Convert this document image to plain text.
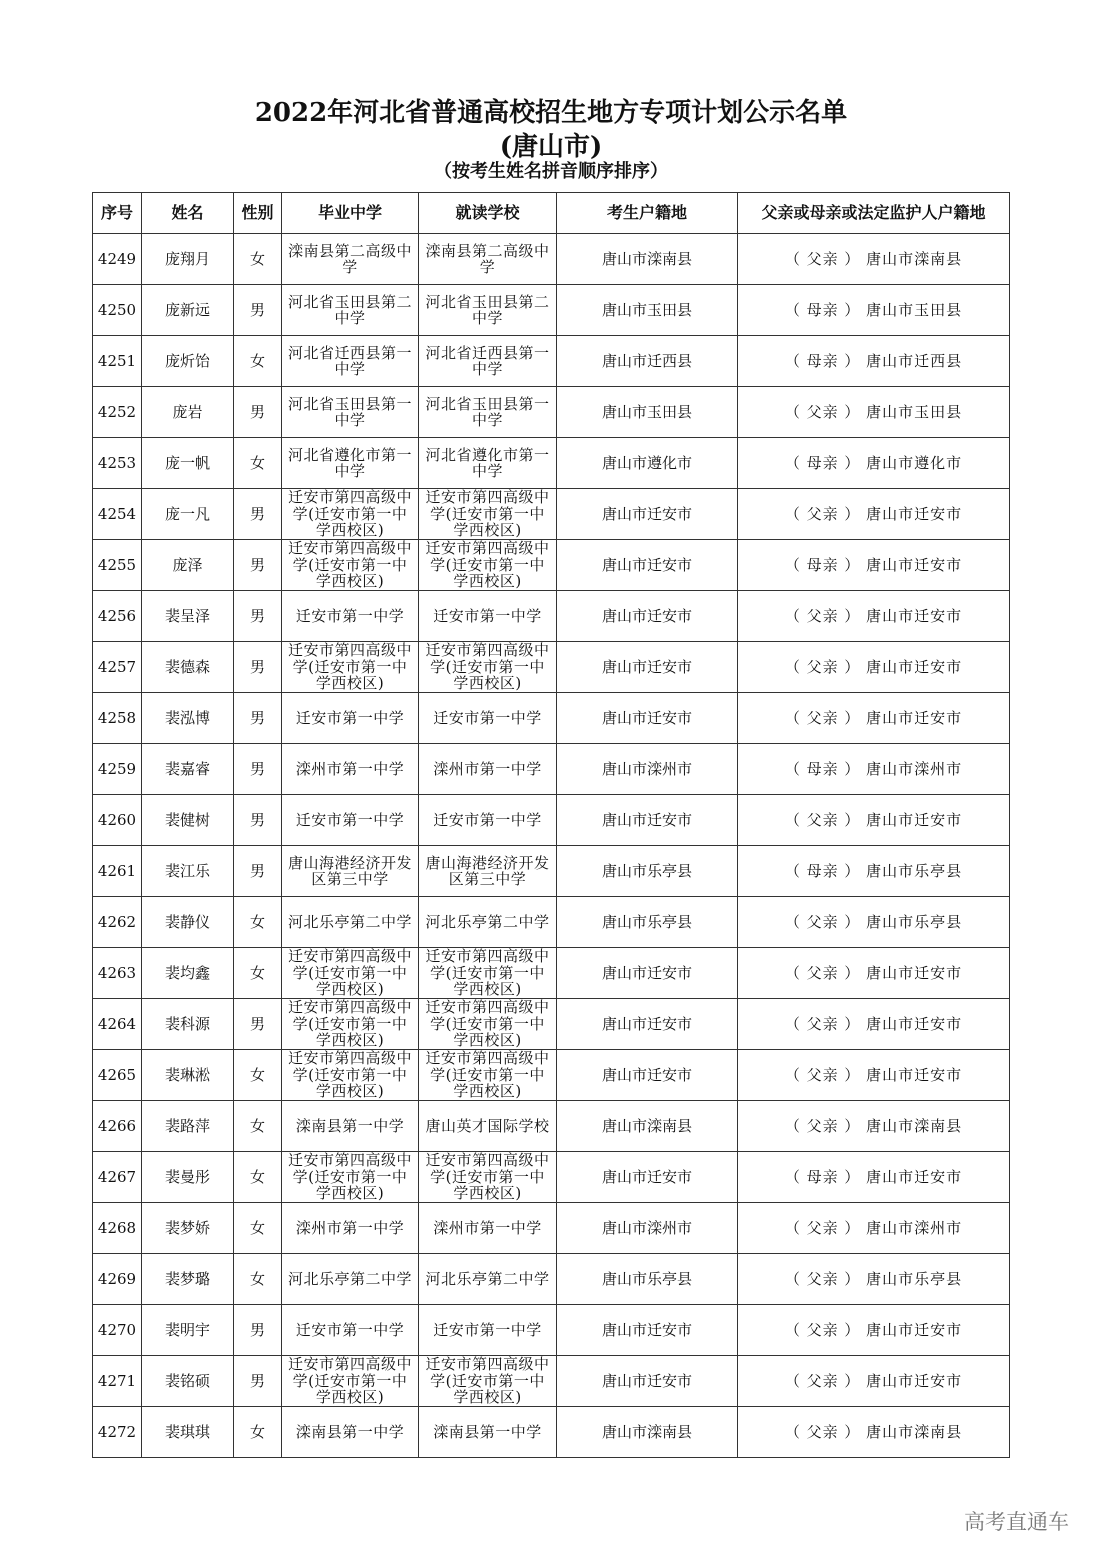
2022年河北省普通高校招生地方专项计划公示名单
(唐山市)
（按考生姓名拼音顺序排序）
序号	姓名	性别	毕业中学	就读学校	考生户籍地	父亲或母亲或法定监护人户籍地
4249	庞翔月	女	滦南县第二高级中学	滦南县第二高级中学	唐山市滦南县	（ 父亲 ） 唐山市滦南县
4250	庞新远	男	河北省玉田县第二中学	河北省玉田县第二中学	唐山市玉田县	（ 母亲 ） 唐山市玉田县
4251	庞炘饴	女	河北省迁西县第一中学	河北省迁西县第一中学	唐山市迁西县	（ 母亲 ） 唐山市迁西县
4252	庞岩	男	河北省玉田县第一中学	河北省玉田县第一中学	唐山市玉田县	（ 父亲 ） 唐山市玉田县
4253	庞一帆	女	河北省遵化市第一中学	河北省遵化市第一中学	唐山市遵化市	（ 母亲 ） 唐山市遵化市
4254	庞一凡	男	迁安市第四高级中学(迁安市第一中学西校区)	迁安市第四高级中学(迁安市第一中学西校区)	唐山市迁安市	（ 父亲 ） 唐山市迁安市
4255	庞泽	男	迁安市第四高级中学(迁安市第一中学西校区)	迁安市第四高级中学(迁安市第一中学西校区)	唐山市迁安市	（ 母亲 ） 唐山市迁安市
4256	裴呈泽	男	迁安市第一中学	迁安市第一中学	唐山市迁安市	（ 父亲 ） 唐山市迁安市
4257	裴德森	男	迁安市第四高级中学(迁安市第一中学西校区)	迁安市第四高级中学(迁安市第一中学西校区)	唐山市迁安市	（ 父亲 ） 唐山市迁安市
4258	裴泓博	男	迁安市第一中学	迁安市第一中学	唐山市迁安市	（ 父亲 ） 唐山市迁安市
4259	裴嘉睿	男	滦州市第一中学	滦州市第一中学	唐山市滦州市	（ 母亲 ） 唐山市滦州市
4260	裴健树	男	迁安市第一中学	迁安市第一中学	唐山市迁安市	（ 父亲 ） 唐山市迁安市
4261	裴江乐	男	唐山海港经济开发区第三中学	唐山海港经济开发区第三中学	唐山市乐亭县	（ 母亲 ） 唐山市乐亭县
4262	裴静仪	女	河北乐亭第二中学	河北乐亭第二中学	唐山市乐亭县	（ 父亲 ） 唐山市乐亭县
4263	裴均鑫	女	迁安市第四高级中学(迁安市第一中学西校区)	迁安市第四高级中学(迁安市第一中学西校区)	唐山市迁安市	（ 父亲 ） 唐山市迁安市
4264	裴科源	男	迁安市第四高级中学(迁安市第一中学西校区)	迁安市第四高级中学(迁安市第一中学西校区)	唐山市迁安市	（ 父亲 ） 唐山市迁安市
4265	裴琳淞	女	迁安市第四高级中学(迁安市第一中学西校区)	迁安市第四高级中学(迁安市第一中学西校区)	唐山市迁安市	（ 父亲 ） 唐山市迁安市
4266	裴路萍	女	滦南县第一中学	唐山英才国际学校	唐山市滦南县	（ 父亲 ） 唐山市滦南县
4267	裴曼彤	女	迁安市第四高级中学(迁安市第一中学西校区)	迁安市第四高级中学(迁安市第一中学西校区)	唐山市迁安市	（ 母亲 ） 唐山市迁安市
4268	裴梦娇	女	滦州市第一中学	滦州市第一中学	唐山市滦州市	（ 父亲 ） 唐山市滦州市
4269	裴梦璐	女	河北乐亭第二中学	河北乐亭第二中学	唐山市乐亭县	（ 父亲 ） 唐山市乐亭县
4270	裴明宇	男	迁安市第一中学	迁安市第一中学	唐山市迁安市	（ 父亲 ） 唐山市迁安市
4271	裴铭硕	男	迁安市第四高级中学(迁安市第一中学西校区)	迁安市第四高级中学(迁安市第一中学西校区)	唐山市迁安市	（ 父亲 ） 唐山市迁安市
4272	裴琪琪	女	滦南县第一中学	滦南县第一中学	唐山市滦南县	（ 父亲 ） 唐山市滦南县
高考直通车
